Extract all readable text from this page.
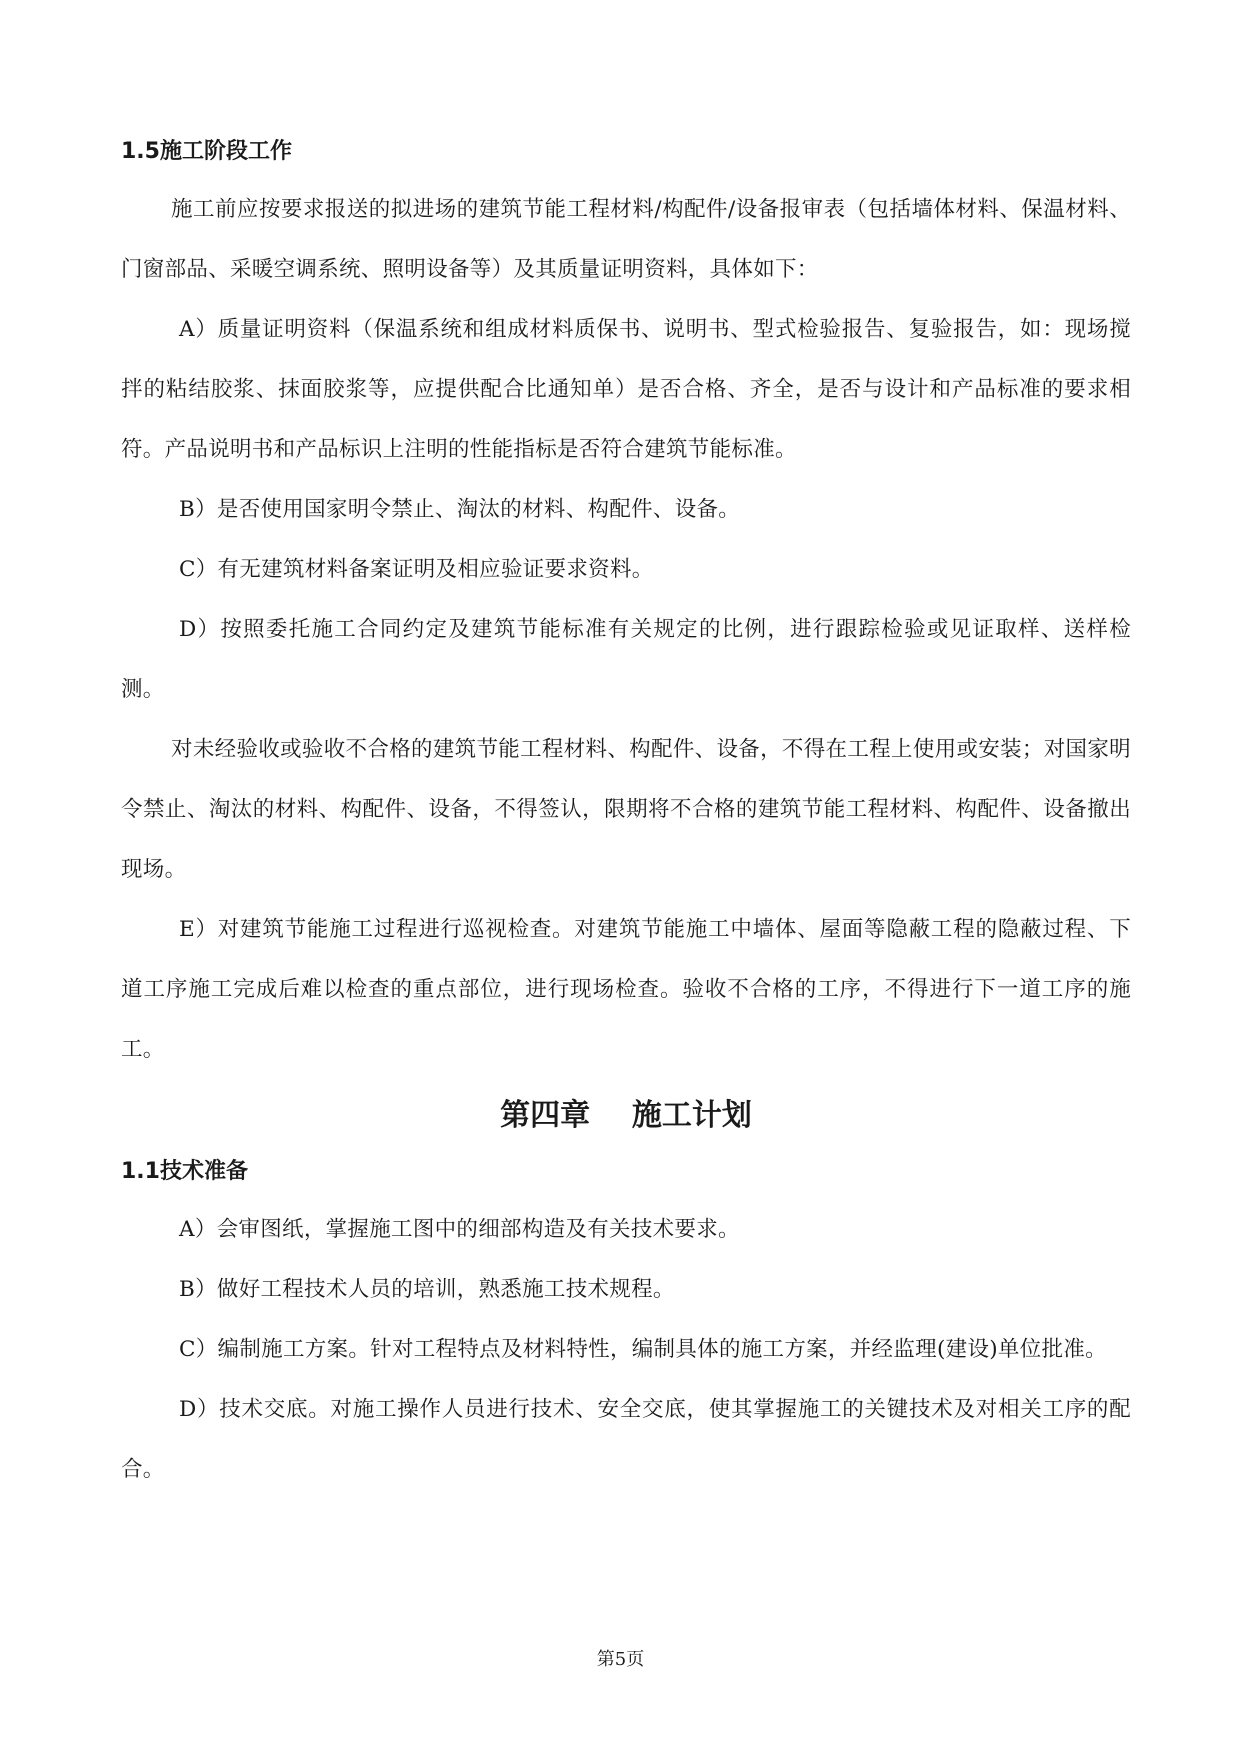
1.5施工阶段工作

施工前应按要求报送的拟进场的建筑节能工程材料/构配件/设备报审表（包括墙体材料、保温材料、门窗部品、采暖空调系统、照明设备等）及其质量证明资料，具体如下：

A）质量证明资料（保温系统和组成材料质保书、说明书、型式检验报告、复验报告，如：现场搅拌的粘结胶浆、抹面胶浆等，应提供配合比通知单）是否合格、齐全，是否与设计和产品标准的要求相符。产品说明书和产品标识上注明的性能指标是否符合建筑节能标准。

B）是否使用国家明令禁止、淘汰的材料、构配件、设备。

C）有无建筑材料备案证明及相应验证要求资料。

D）按照委托施工合同约定及建筑节能标准有关规定的比例，进行跟踪检验或见证取样、送样检测。

对未经验收或验收不合格的建筑节能工程材料、构配件、设备，不得在工程上使用或安装；对国家明令禁止、淘汰的材料、构配件、设备，不得签认，限期将不合格的建筑节能工程材料、构配件、设备撤出现场。

E）对建筑节能施工过程进行巡视检查。对建筑节能施工中墙体、屋面等隐蔽工程的隐蔽过程、下道工序施工完成后难以检查的重点部位，进行现场检查。验收不合格的工序，不得进行下一道工序的施工。

第四章    施工计划
1.1技术准备

A）会审图纸，掌握施工图中的细部构造及有关技术要求。

B）做好工程技术人员的培训，熟悉施工技术规程。

C）编制施工方案。针对工程特点及材料特性，编制具体的施工方案，并经监理(建设)单位批准。

D）技术交底。对施工操作人员进行技术、安全交底，使其掌握施工的关键技术及对相关工序的配合。

第5页
